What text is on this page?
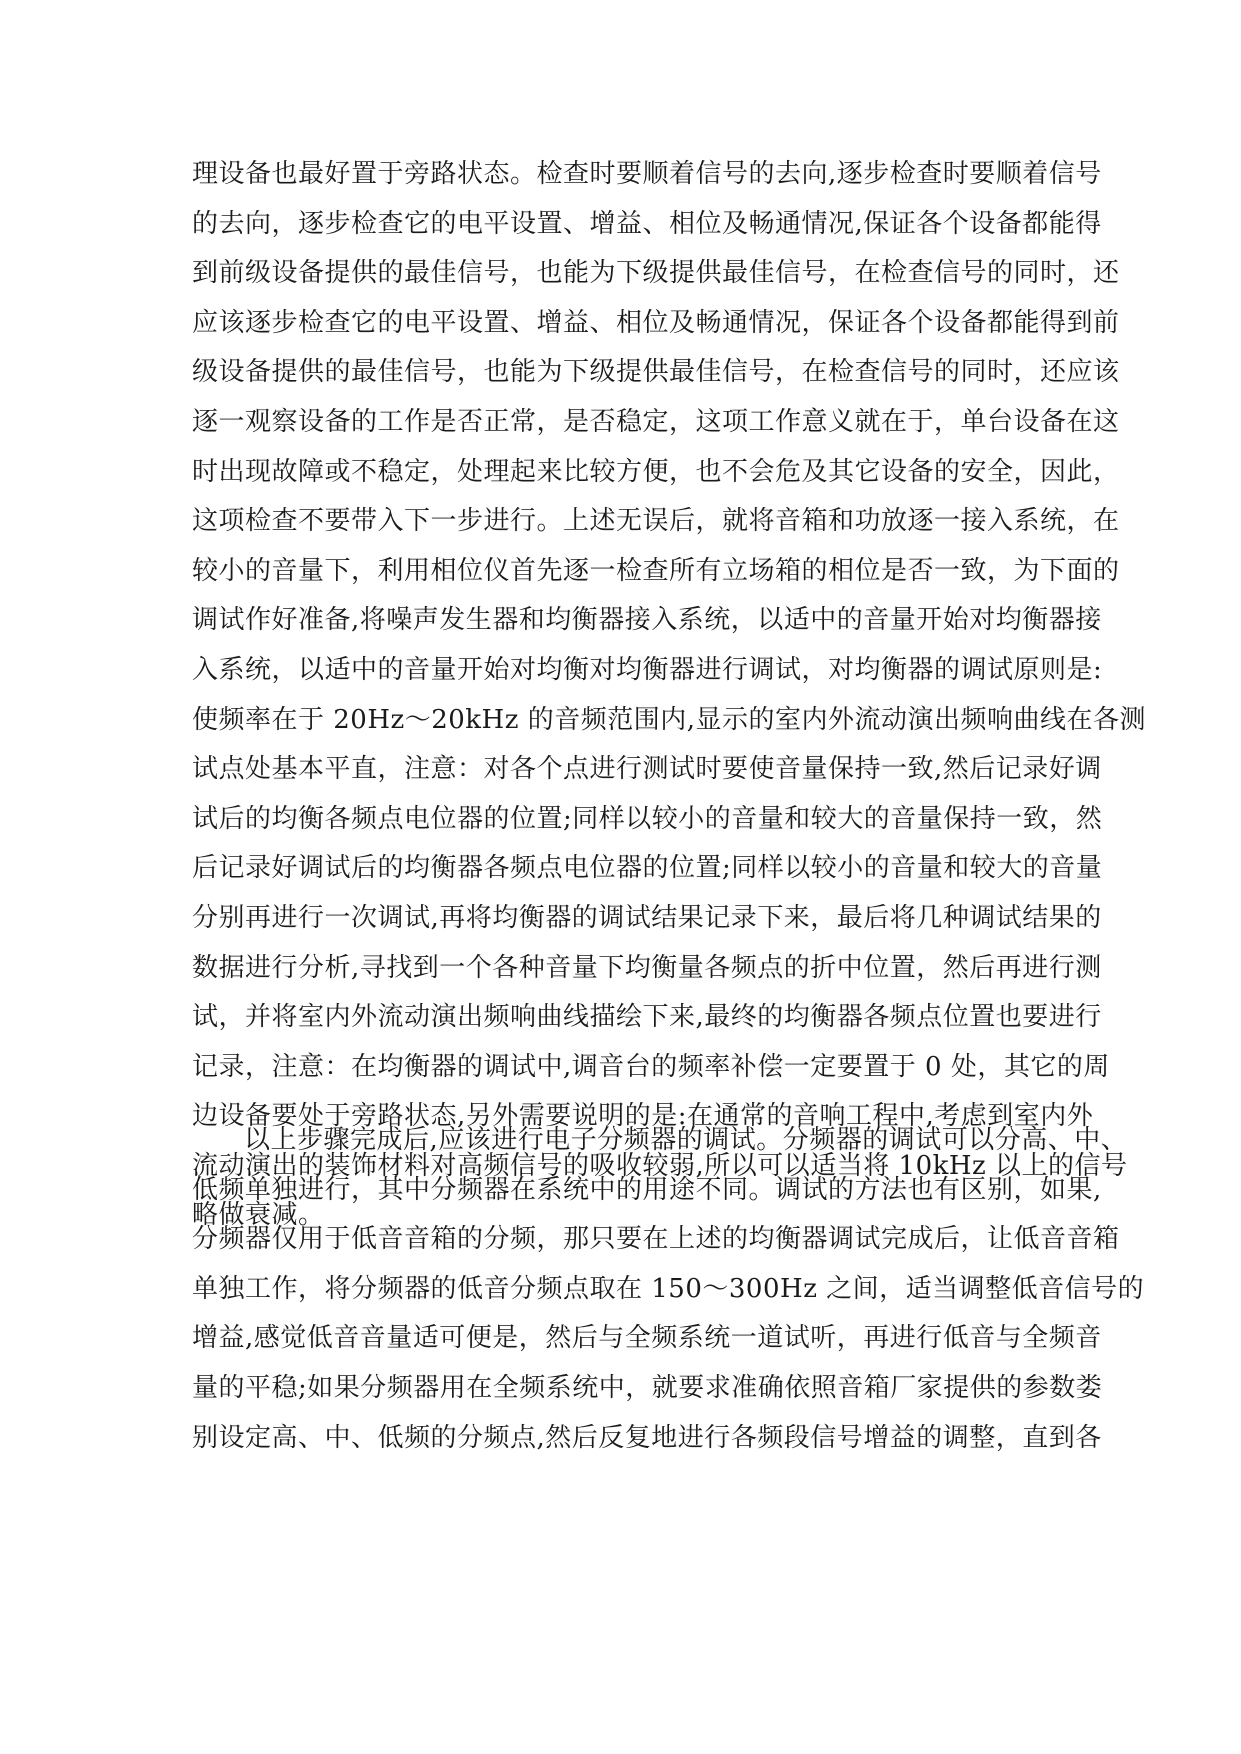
理设备也最好置于旁路状态。检查时要顺着信号的去向,逐步检查时要顺着信号
的去向，逐步检查它的电平设置、增益、相位及畅通情况,保证各个设备都能得
到前级设备提供的最佳信号，也能为下级提供最佳信号，在检查信号的同时，还
应该逐步检查它的电平设置、增益、相位及畅通情况，保证各个设备都能得到前
级设备提供的最佳信号，也能为下级提供最佳信号，在检查信号的同时，还应该
逐一观察设备的工作是否正常，是否稳定，这项工作意义就在于，单台设备在这
时出现故障或不稳定，处理起来比较方便，也不会危及其它设备的安全，因此，
这项检查不要带入下一步进行。上述无误后，就将音箱和功放逐一接入系统，在
较小的音量下，利用相位仪首先逐一检查所有立场箱的相位是否一致，为下面的
调试作好准备,将噪声发生器和均衡器接入系统，以适中的音量开始对均衡器接
入系统，以适中的音量开始对均衡对均衡器进行调试，对均衡器的调试原则是:
使频率在于 20Hz～20kHz 的音频范围内,显示的室内外流动演出频响曲线在各测
试点处基本平直，注意：对各个点进行测试时要使音量保持一致,然后记录好调
试后的均衡各频点电位器的位置;同样以较小的音量和较大的音量保持一致，然
后记录好调试后的均衡器各频点电位器的位置;同样以较小的音量和较大的音量
分别再进行一次调试,再将均衡器的调试结果记录下来，最后将几种调试结果的
数据进行分析,寻找到一个各种音量下均衡量各频点的折中位置，然后再进行测
试，并将室内外流动演出频响曲线描绘下来,最终的均衡器各频点位置也要进行
记录，注意：在均衡器的调试中,调音台的频率补偿一定要置于 0 处，其它的周
边设备要处于旁路状态,另外需要说明的是:在通常的音响工程中,考虑到室内外
流动演出的装饰材料对高频信号的吸收较弱,所以可以适当将 10kHz 以上的信号
略做衰减。
以上步骤完成后,应该进行电子分频器的调试。分频器的调试可以分高、中、
低频单独进行，其中分频器在系统中的用途不同。调试的方法也有区别，如果,
分频器仅用于低音音箱的分频，那只要在上述的均衡器调试完成后，让低音音箱
单独工作，将分频器的低音分频点取在 150～300Hz 之间，适当调整低音信号的
增益,感觉低音音量适可便是，然后与全频系统一道试听，再进行低音与全频音
量的平稳;如果分频器用在全频系统中，就要求准确依照音箱厂家提供的参数娄
别设定高、中、低频的分频点,然后反复地进行各频段信号增益的调整，直到各
